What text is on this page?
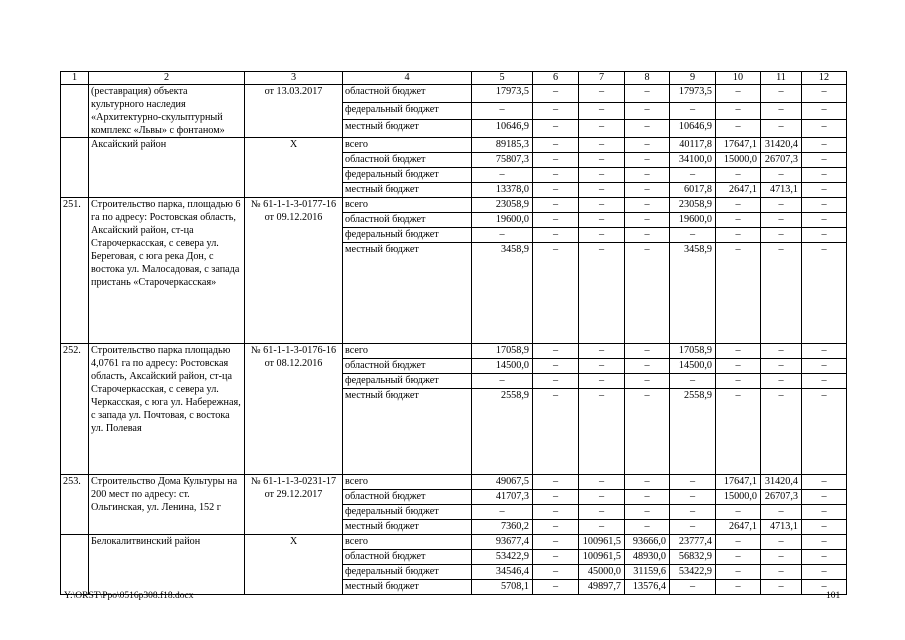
1	2	3	4	5	6	7	8	9	10	11	12
	(реставрация) объекта культурного наследия «Архитектурно-скульптурный комплекс «Львы» с фонтаном»	от 13.03.2017	областной бюджет	17973,5	–	–	–	17973,5	–	–	–
			федеральный бюджет	–	–	–	–	–	–	–	–
			местный бюджет	10646,9	–	–	–	10646,9	–	–	–
	Аксайский район	Х	всего	89185,3	–	–	–	40117,8	17647,1	31420,4	–
			областной бюджет	75807,3	–	–	–	34100,0	15000,0	26707,3	–
			федеральный бюджет	–	–	–	–	–	–	–	–
			местный бюджет	13378,0	–	–	–	6017,8	2647,1	4713,1	–
251.	Строительство парка, площадью 6 га по адресу: Ростовская область, Аксайский район, ст-ца Старочеркасская, с севера ул. Береговая, с юга река Дон, с востока ул. Малосадовая, с запада пристань «Старочеркасская»	№ 61-1-1-3-0177-16 от 09.12.2016	всего	23058,9	–	–	–	23058,9	–	–	–
			областной бюджет	19600,0	–	–	–	19600,0	–	–	–
			федеральный бюджет	–	–	–	–	–	–	–	–
			местный бюджет	3458,9	–	–	–	3458,9	–	–	–
252.	Строительство парка площадью 4,0761 га по адресу: Ростовская область, Аксайский район, ст-ца Старочеркасская, с севера ул. Черкасская, с юга ул. Набережная, с запада ул. Почтовая, с востока ул. Полевая	№ 61-1-1-3-0176-16 от 08.12.2016	всего	17058,9	–	–	–	17058,9	–	–	–
			областной бюджет	14500,0	–	–	–	14500,0	–	–	–
			федеральный бюджет	–	–	–	–	–	–	–	–
			местный бюджет	2558,9	–	–	–	2558,9	–	–	–
253.	Строительство Дома Культуры на 200 мест по адресу: ст. Ольгинская, ул. Ленина, 152 г	№ 61-1-1-3-0231-17 от 29.12.2017	всего	49067,5	–	–	–	–	17647,1	31420,4	–
			областной бюджет	41707,3	–	–	–	–	15000,0	26707,3	–
			федеральный бюджет	–	–	–	–	–	–	–	–
			местный бюджет	7360,2	–	–	–	–	2647,1	4713,1	–
	Белокалитвинский район	Х	всего	93677,4	–	100961,5	93666,0	23777,4	–	–	–
			областной бюджет	53422,9	–	100961,5	48930,0	56832,9	–	–	–
			федеральный бюджет	34546,4	–	45000,0	31159,6	53422,9	–	–	–
			местный бюджет	5708,1	–	49897,7	13576,4	–	–	–	–
Y:\ORST\Ppo\0516p308.f18.docx	101
